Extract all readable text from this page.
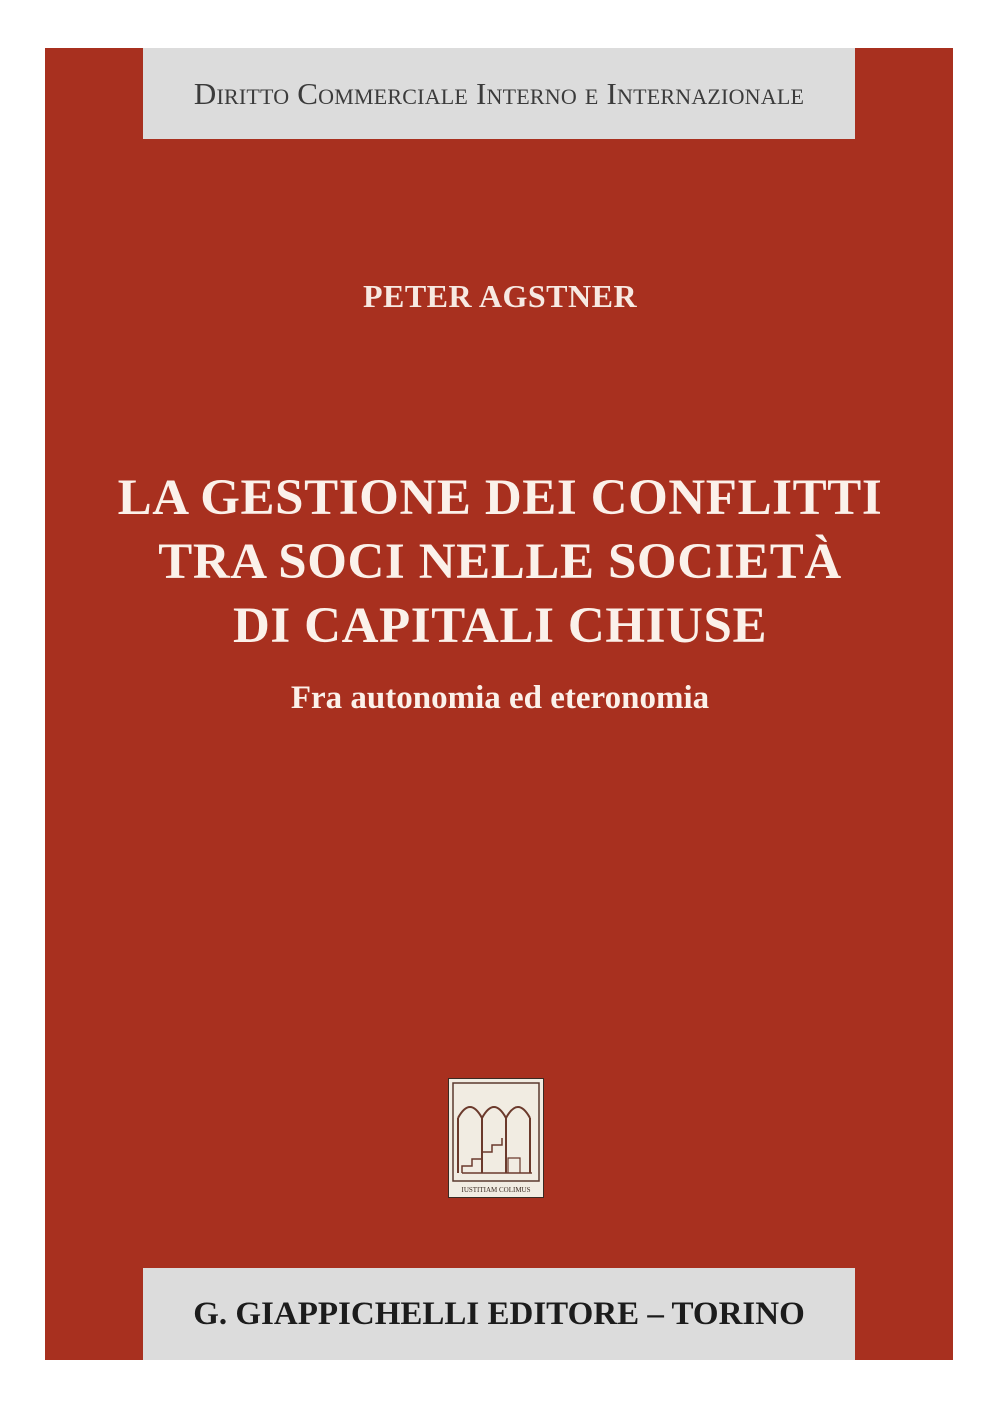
Diritto Commerciale Interno e Internazionale
PETER AGSTNER
LA GESTIONE DEI CONFLITTI
TRA SOCI NELLE SOCIETÀ
DI CAPITALI CHIUSE
Fra autonomia ed eteronomia
IUSTITIAM COLIMUS
G. GIAPPICHELLI EDITORE – TORINO
